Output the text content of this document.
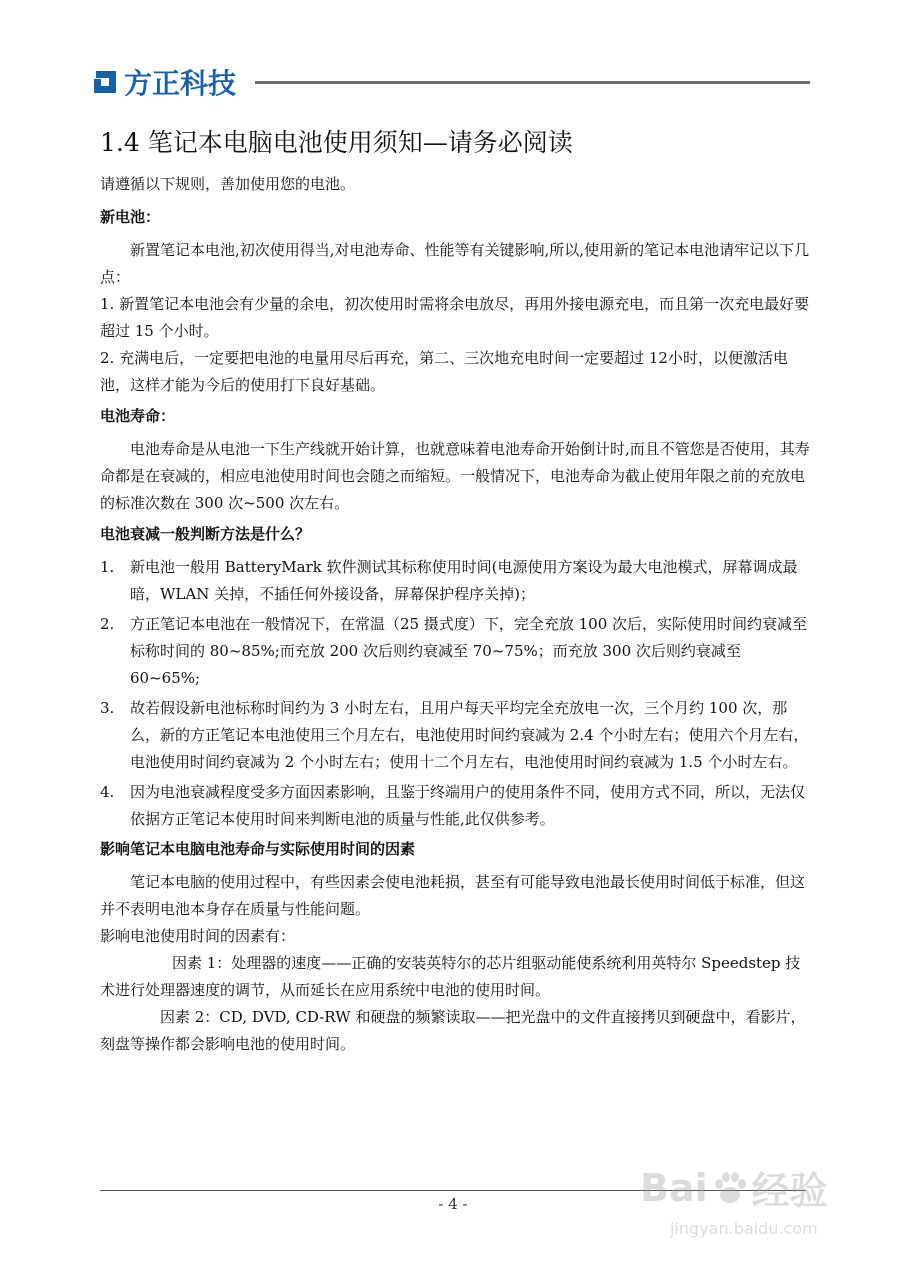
方正科技
1.4 笔记本电脑电池使用须知—请务必阅读

请遵循以下规则，善加使用您的电池。

新电池：

新置笔记本电池,初次使用得当,对电池寿命、性能等有关键影响,所以,使用新的笔记本电池请牢记以下几点：

1. 新置笔记本电池会有少量的余电，初次使用时需将余电放尽，再用外接电源充电，而且第一次充电最好要超过 15 个小时。

2. 充满电后，一定要把电池的电量用尽后再充，第二、三次地充电时间一定要超过 12小时，以便激活电池，这样才能为今后的使用打下良好基础。

电池寿命：

电池寿命是从电池一下生产线就开始计算，也就意味着电池寿命开始倒计时,而且不管您是否使用，其寿命都是在衰减的，相应电池使用时间也会随之而缩短。一般情况下，电池寿命为截止使用年限之前的充放电的标准次数在 300 次~500 次左右。

电池衰减一般判断方法是什么？
1. 新电池一般用 BatteryMark 软件测试其标称使用时间(电源使用方案设为最大电池模式，屏幕调成最暗，WLAN 关掉，不插任何外接设备，屏幕保护程序关掉)；
2. 方正笔记本电池在一般情况下，在常温（25 摄式度）下，完全充放 100 次后，实际使用时间约衰减至标称时间的 80~85%;而充放 200 次后则约衰减至 70~75%；而充放 300 次后则约衰减至 60~65%;
3. 故若假设新电池标称时间约为 3 小时左右，且用户每天平均完全充放电一次，三个月约 100 次，那么，新的方正笔记本电池使用三个月左右，电池使用时间约衰减为 2.4 个小时左右；使用六个月左右，电池使用时间约衰减为 2 个小时左右；使用十二个月左右，电池使用时间约衰减为 1.5 个小时左右。
4. 因为电池衰减程度受多方面因素影响，且鉴于终端用户的使用条件不同，使用方式不同，所以，无法仅依据方正笔记本使用时间来判断电池的质量与性能,此仅供参考。
影响笔记本电脑电池寿命与实际使用时间的因素

笔记本电脑的使用过程中，有些因素会使电池耗损，甚至有可能导致电池最长使用时间低于标准，但这并不表明电池本身存在质量与性能问题。

影响电池使用时间的因素有：

因素 1：处理器的速度——正确的安装英特尔的芯片组驱动能使系统利用英特尔 Speedstep 技术进行处理器速度的调节，从而延长在应用系统中电池的使用时间。

因素 2：CD, DVD, CD-RW 和硬盘的频繁读取——把光盘中的文件直接拷贝到硬盘中，看影片，刻盘等操作都会影响电池的使用时间。

- 4 -	Bai 经验
jingyan.baidu.com
